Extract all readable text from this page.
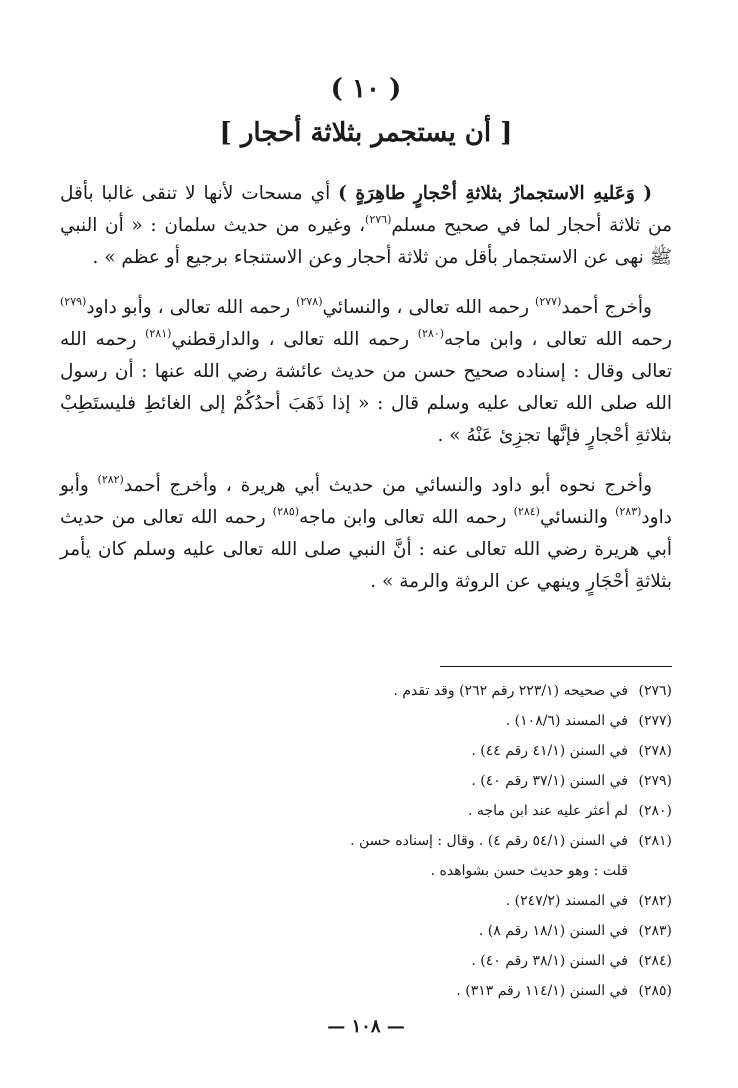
( ١٠ )
[ أن يستجمر بثلاثة أحجار ]

( وَعَليهِ الاستجمارُ بثلاثةِ أحْجارٍ طاهِرَةٍ ) أي مسحات لأنها لا تنقى غالبا بأقل من ثلاثة أحجار لما في صحيح مسلم$^{(٢٧٦)}$، وغيره من حديث سلمان : « أن النبي ﷺ نهى عن الاستجمار بأقل من ثلاثة أحجار وعن الاستنجاء برجيع أو عظم » .

وأخرج أحمد$^{(٢٧٧)}$ رحمه الله تعالى ، والنسائي$^{(٢٧٨)}$ رحمه الله تعالى ، وأبو داود$^{(٢٧٩)}$ رحمه الله تعالى ، وابن ماجه$^{(٢٨٠)}$ رحمه الله تعالى ، والدارقطني$^{(٢٨١)}$ رحمه الله تعالى وقال : إسناده صحيح حسن من حديث عائشة رضي الله عنها : أن رسول الله صلى الله تعالى عليه وسلم قال : « إذا ذَهَبَ أحدُكُمْ إلى الغائطِ فليستَطِبْ بثلاثةِ أحْجارٍ فإنَّها تجزِئ عَنْهُ » .

وأخرج نحوه أبو داود والنسائي من حديث أبي هريرة ، وأخرج أحمد$^{(٢٨٢)}$ وأبو داود$^{(٢٨٣)}$ والنسائي$^{(٢٨٤)}$ رحمه الله تعالى وابن ماجه$^{(٢٨٥)}$ رحمه الله تعالى من حديث أبي هريرة رضي الله تعالى عنه : أنَّ النبي صلى الله تعالى عليه وسلم كان يأمر بثلاثةِ أحْجَارٍ وينهي عن الروثة والرمة » .

(٢٧٦)في صحيحه (٢٢٣/١ رقم ٢٦٢) وقد تقدم .
(٢٧٧)في المسند (١٠٨/٦) .
(٢٧٨)في السنن (٤١/١ رقم ٤٤) .
(٢٧٩)في السنن (٣٧/١ رقم ٤٠) .
(٢٨٠)لم أعثر عليه عند ابن ماجه .
(٢٨١)في السنن (٥٤/١ رقم ٤) . وقال : إسناده حسن .
قلت : وهو حديث حسن بشواهده .
(٢٨٢)في المسند (٢٤٧/٢) .
(٢٨٣)في السنن (١٨/١ رقم ٨) .
(٢٨٤)في السنن (٣٨/١ رقم ٤٠) .
(٢٨٥)في السنن (١١٤/١ رقم ٣١٣) .
— ١٠٨ —
